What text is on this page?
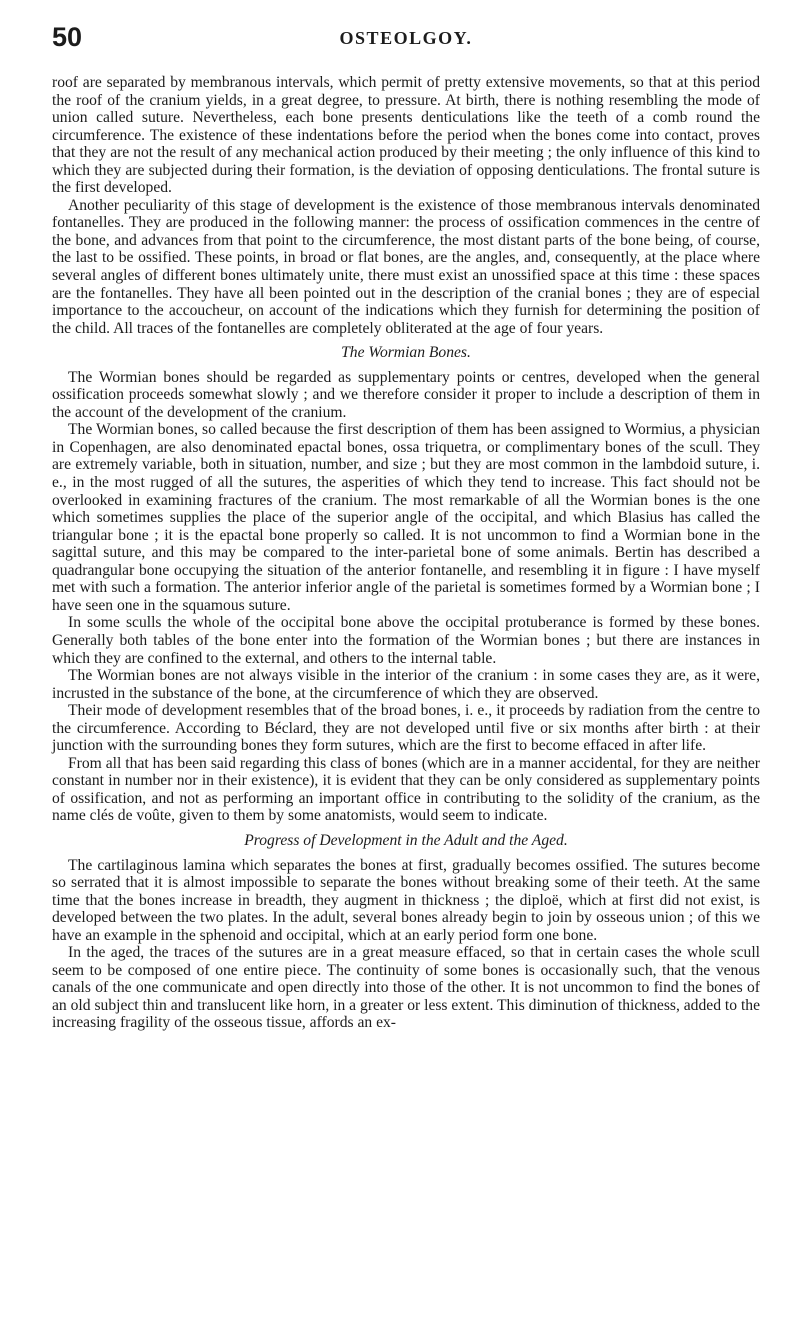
50	OSTEOLGOY.

roof are separated by membranous intervals, which permit of pretty extensive movements, so that at this period the roof of the cranium yields, in a great degree, to pressure. At birth, there is nothing resembling the mode of union called suture. Nevertheless, each bone presents denticulations like the teeth of a comb round the circumference. The existence of these indentations before the period when the bones come into contact, proves that they are not the result of any mechanical action produced by their meeting ; the only influence of this kind to which they are subjected during their formation, is the deviation of opposing denticulations. The frontal suture is the first developed.

Another peculiarity of this stage of development is the existence of those membranous intervals denominated fontanelles. They are produced in the following manner: the process of ossification commences in the centre of the bone, and advances from that point to the circumference, the most distant parts of the bone being, of course, the last to be ossified. These points, in broad or flat bones, are the angles, and, consequently, at the place where several angles of different bones ultimately unite, there must exist an unossified space at this time : these spaces are the fontanelles. They have all been pointed out in the description of the cranial bones ; they are of especial importance to the accoucheur, on account of the indications which they furnish for determining the position of the child. All traces of the fontanelles are completely obliterated at the age of four years.

The Wormian Bones.

The Wormian bones should be regarded as supplementary points or centres, developed when the general ossification proceeds somewhat slowly ; and we therefore consider it proper to include a description of them in the account of the development of the cranium.

The Wormian bones, so called because the first description of them has been assigned to Wormius, a physician in Copenhagen, are also denominated epactal bones, ossa triquetra, or complimentary bones of the scull. They are extremely variable, both in situation, number, and size ; but they are most common in the lambdoid suture, i. e., in the most rugged of all the sutures, the asperities of which they tend to increase. This fact should not be overlooked in examining fractures of the cranium. The most remarkable of all the Wormian bones is the one which sometimes supplies the place of the superior angle of the occipital, and which Blasius has called the triangular bone ; it is the epactal bone properly so called. It is not uncommon to find a Wormian bone in the sagittal suture, and this may be compared to the inter-parietal bone of some animals. Bertin has described a quadrangular bone occupying the situation of the anterior fontanelle, and resembling it in figure : I have myself met with such a formation. The anterior inferior angle of the parietal is sometimes formed by a Wormian bone ; I have seen one in the squamous suture.

In some sculls the whole of the occipital bone above the occipital protuberance is formed by these bones. Generally both tables of the bone enter into the formation of the Wormian bones ; but there are instances in which they are confined to the external, and others to the internal table.

The Wormian bones are not always visible in the interior of the cranium : in some cases they are, as it were, incrusted in the substance of the bone, at the circumference of which they are observed.

Their mode of development resembles that of the broad bones, i. e., it proceeds by radiation from the centre to the circumference. According to Béclard, they are not developed until five or six months after birth : at their junction with the surrounding bones they form sutures, which are the first to become effaced in after life.

From all that has been said regarding this class of bones (which are in a manner accidental, for they are neither constant in number nor in their existence), it is evident that they can be only considered as supplementary points of ossification, and not as performing an important office in contributing to the solidity of the cranium, as the name clés de voûte, given to them by some anatomists, would seem to indicate.

Progress of Development in the Adult and the Aged.

The cartilaginous lamina which separates the bones at first, gradually becomes ossified. The sutures become so serrated that it is almost impossible to separate the bones without breaking some of their teeth. At the same time that the bones increase in breadth, they augment in thickness ; the diploë, which at first did not exist, is developed between the two plates. In the adult, several bones already begin to join by osseous union ; of this we have an example in the sphenoid and occipital, which at an early period form one bone.

In the aged, the traces of the sutures are in a great measure effaced, so that in certain cases the whole scull seem to be composed of one entire piece. The continuity of some bones is occasionally such, that the venous canals of the one communicate and open directly into those of the other. It is not uncommon to find the bones of an old subject thin and translucent like horn, in a greater or less extent. This diminution of thickness, added to the increasing fragility of the osseous tissue, affords an ex-
